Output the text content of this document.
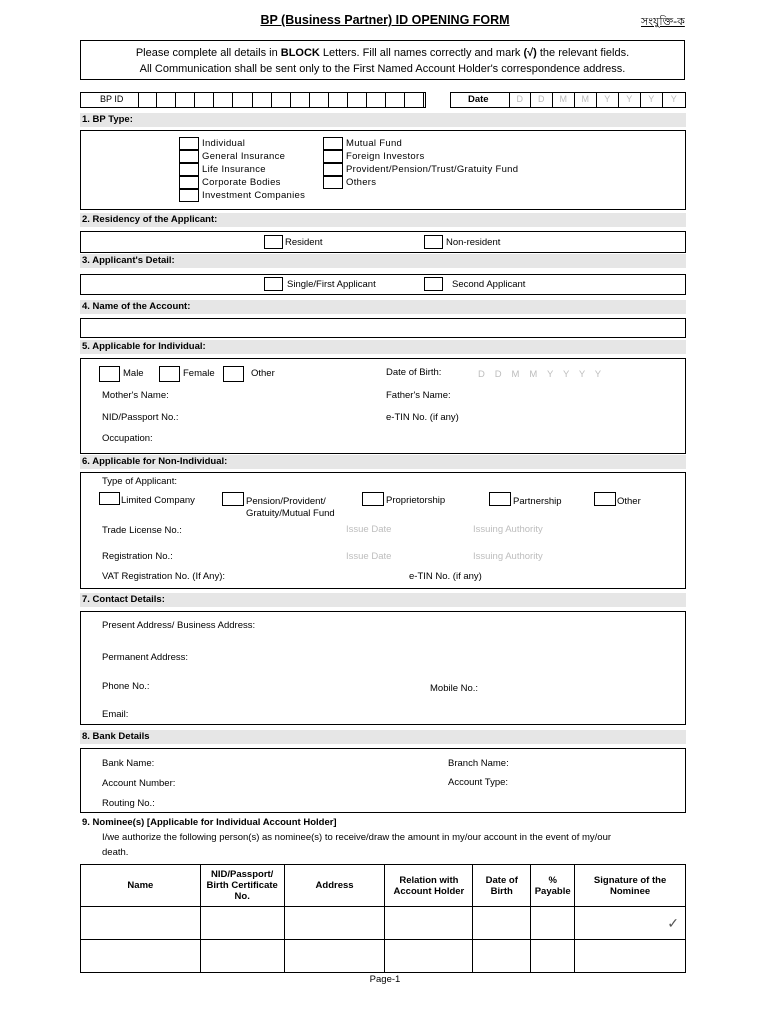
BP (Business Partner) ID OPENING FORM	সংযুক্তি-ক
Please complete all details in BLOCK Letters. Fill all names correctly and mark (√) the relevant fields.
All Communication shall be sent only to the First Named Account Holder's correspondence address.
BP ID	Date	D	D	M	M	Y	Y	Y	Y
1. BP Type:
Individual
General Insurance
Life Insurance
Corporate Bodies
Investment Companies
Mutual Fund
Foreign Investors
Provident/Pension/Trust/Gratuity Fund
Others
2. Residency of the Applicant:
Resident	Non-resident
3. Applicant's Detail:
Single/First Applicant	Second Applicant
4. Name of the Account:
5. Applicable for Individual:
Male	Female	Other	Date of Birth:	D   D   M   M   Y   Y   Y   Y
Mother's Name:	Father's Name:
NID/Passport No.:	e-TIN No. (if any)
Occupation:
6. Applicable for Non-Individual:
Type of Applicant:
Limited Company	Pension/Provident/
Gratuity/Mutual Fund
Proprietorship	Partnership	Other
Trade License No.:	Issue Date	Issuing Authority
Registration No.:	Issue Date	Issuing Authority
VAT Registration No. (If Any):	e-TIN No. (if any)
7. Contact Details:
Present Address/ Business Address:
Permanent Address:
Phone No.:	Mobile No.:
Email:
8. Bank Details
Bank Name:	Branch Name:
Account Number:	Account Type:
Routing No.:
9. Nominee(s) [Applicable for Individual Account Holder]
I/we authorize the following person(s) as nominee(s) to receive/draw the amount in my/our account in the event of my/our
death.
Name	NID/Passport/ Birth Certificate No.	Address	Relation with Account Holder	Date of Birth	% Payable	Signature of the Nominee
						✓

Page-1
